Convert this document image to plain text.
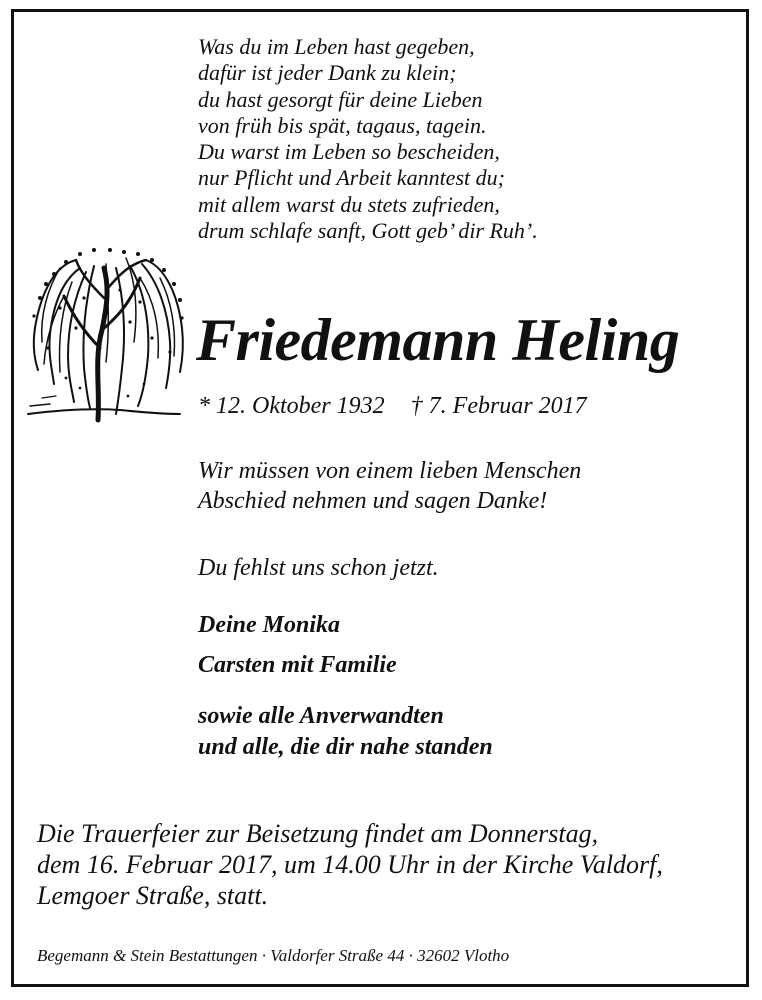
Was du im Leben hast gegeben,
dafür ist jeder Dank zu klein;
du hast gesorgt für deine Lieben
von früh bis spät, tagaus, tagein.
Du warst im Leben so bescheiden,
nur Pflicht und Arbeit kanntest du;
mit allem warst du stets zufrieden,
drum schlafe sanft, Gott geb’ dir Ruh’.
Friedemann Heling
* 12. Oktober 1932 † 7. Februar 2017
Wir müssen von einem lieben Menschen
Abschied nehmen und sagen Danke!
Du fehlst uns schon jetzt.
Deine Monika
Carsten mit Familie
sowie alle Anverwandten
und alle, die dir nahe standen
Die Trauerfeier zur Beisetzung findet am Donnerstag,
dem 16. Februar 2017, um 14.00 Uhr in der Kirche Valdorf,
Lemgoer Straße, statt.
Begemann & Stein Bestattungen · Valdorfer Straße 44 · 32602 Vlotho
